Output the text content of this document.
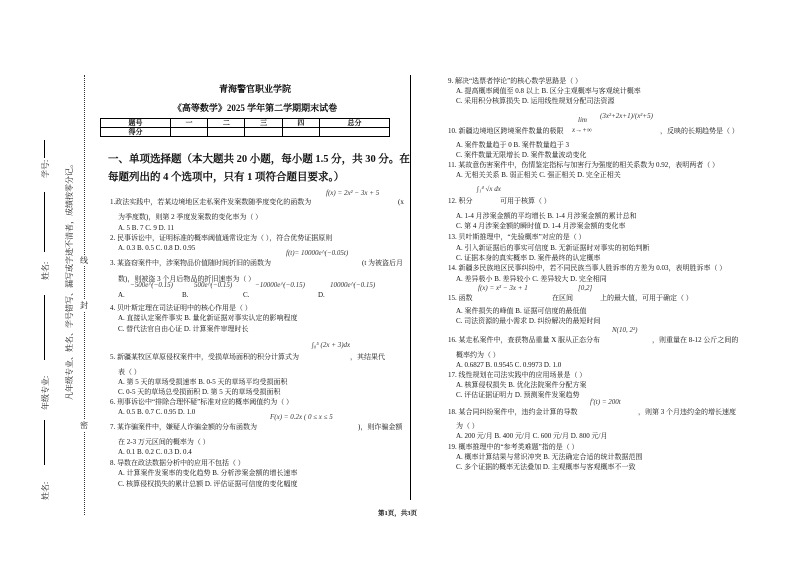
学号:
姓名:
年级专业:
姓名:
凡年级专业、姓名、学号错写、漏写或字迹不清者，成绩按零分记。 线
封
密
青海警官职业学院
《高等数学》2025 学年第二学期期末试卷
题号	一	二	三	四	总分
得分					
一、单项选择题（本大题共 20 小题，每小题 1.5 分，共 30 分。在
每题列出的 4 个选项中，只有 1 项符合题目要求。）
1.政法实践中，若某边境地区走私案件发案数随季度变化的函数为
f(x) = 2x² − 3x + 5
(x
为季度数)，则第 2 季度发案数的变化率为（ ）
A. 5 B. 7 C. 9 D. 11
2. 民事诉讼中，证明标准的概率阈值通常设定为（ ），符合优势证据原则
A. 0.3 B. 0.5 C. 0.8 D. 0.95
3. 某盗窃案件中，涉案物品价值随时间折旧的函数为
f(t)= 10000e^(−0.05t)
(t 为被盗后月
数)，则被盗 3 个月后物品的折旧速率为（ ）
A.
−500e^(−0.15)
B.
500e^(−0.15)
C.
−10000e^(−0.15)
D.
10000e^(−0.15)
4. 贝叶斯定理在司法证明中的核心作用是（ ）
A. 直接认定案件事实 B. 量化新证据对事实认定的影响程度
C. 替代法官自由心证 D. 计算案件审理时长
5. 新疆某牧区草原侵权案件中，受损草场面积的积分计算式为
∫₀⁵ (2x + 3)dx
，其结果代
表（ ）
A. 第 5 天的草场受损速率 B. 0-5 天的草场平均受损面积
C. 0-5 天的草场总受损面积 D. 第 5 天的草场受损面积
6. 刑事诉讼中“排除合理怀疑”标准对应的概率阈值约为（ ）
A. 0.5 B. 0.7 C. 0.95 D. 1.0
7. 某诈骗案件中，嫌疑人诈骗金额的分布函数为
F(x) = 0.2x ( 0 ≤ x ≤ 5
)，则诈骗金额
在 2-3 万元区间的概率为（ ）
A. 0.1 B. 0.2 C. 0.3 D. 0.4
8. 导数在政法数据分析中的应用不包括（ ）
A. 计算案件发案率的变化趋势 B. 分析涉案金额的增长速率
C. 核算侵权损失的累计总额 D. 评估证据可信度的变化幅度
9. 解决“选票者悖论”的核心数学思路是（ ）
A. 提高概率阈值至 0.8 以上 B. 区分主观概率与客观统计概率
C. 采用积分核算损失 D. 运用线性规划分配司法资源
lim
x→+∞
(3x²+2x+1)/(x²+5)
10. 新疆边境地区跨境案件数量的极限	，反映的长期趋势是（ ）
A. 案件数量趋于 0 B. 案件数量趋于 3
C. 案件数量无限增长 D. 案件数量波动变化
11. 某故意伤害案件中，伤情鉴定指标与加害行为强度的相关系数为 0.92，表明两者（ ）
A. 无相关关系 B. 弱正相关 C. 强正相关 D. 完全正相关
∫₁⁴ √x dx
12. 积分	可用于核算（ ）
A. 1-4 月涉案金额的平均增长 B. 1-4 月涉案金额的累计总和
C. 第 4 月涉案金额的瞬时值 D. 1-4 月涉案金额的变化率
13. 贝叶斯推理中，“先验概率”对应的是（ ）
A. 引入新证据后的事实可信度 B. 无新证据时对事实的初始判断
C. 证据本身的真实概率 D. 案件最终的认定概率
14. 新疆多民族地区民事纠纷中，若不同民族当事人胜诉率的方差为 0.03，表明胜诉率（ ）
A. 差异极小 B. 差异较小 C. 差异较大 D. 完全相同
15. 函数
f(x) = x³ − 3x + 1
在区间
[0,2]
上的最大值，可用于确定（ ）
A. 案件损失的峰值 B. 证据可信度的最低值
C. 司法资源的最小需求 D. 纠纷解决的最短时间
16. 某走私案件中，查获物品重量 X 服从正态分布
N(10, 2²)
，则重量在 8-12 公斤之间的
概率约为（ ）
A. 0.6827 B. 0.9545 C. 0.9973 D. 1.0
17. 线性规划在司法实践中的应用场景是（ ）
A. 核算侵权损失 B. 优化法院案件分配方案
C. 评估证据证明力 D. 预测案件发案趋势
18. 某合同纠纷案件中，违约金计算的导数
f′(t) = 200t
，则第 3 个月违约金的增长速度
为（ ）
A. 200 元/月 B. 400 元/月 C. 600 元/月 D. 800 元/月
19. 概率推理中的“参考类难题”指的是（ ）
A. 概率计算结果与常识冲突 B. 无法确定合适的统计数据范围
C. 多个证据的概率无法叠加 D. 主观概率与客观概率不一致
第1页，共3页
